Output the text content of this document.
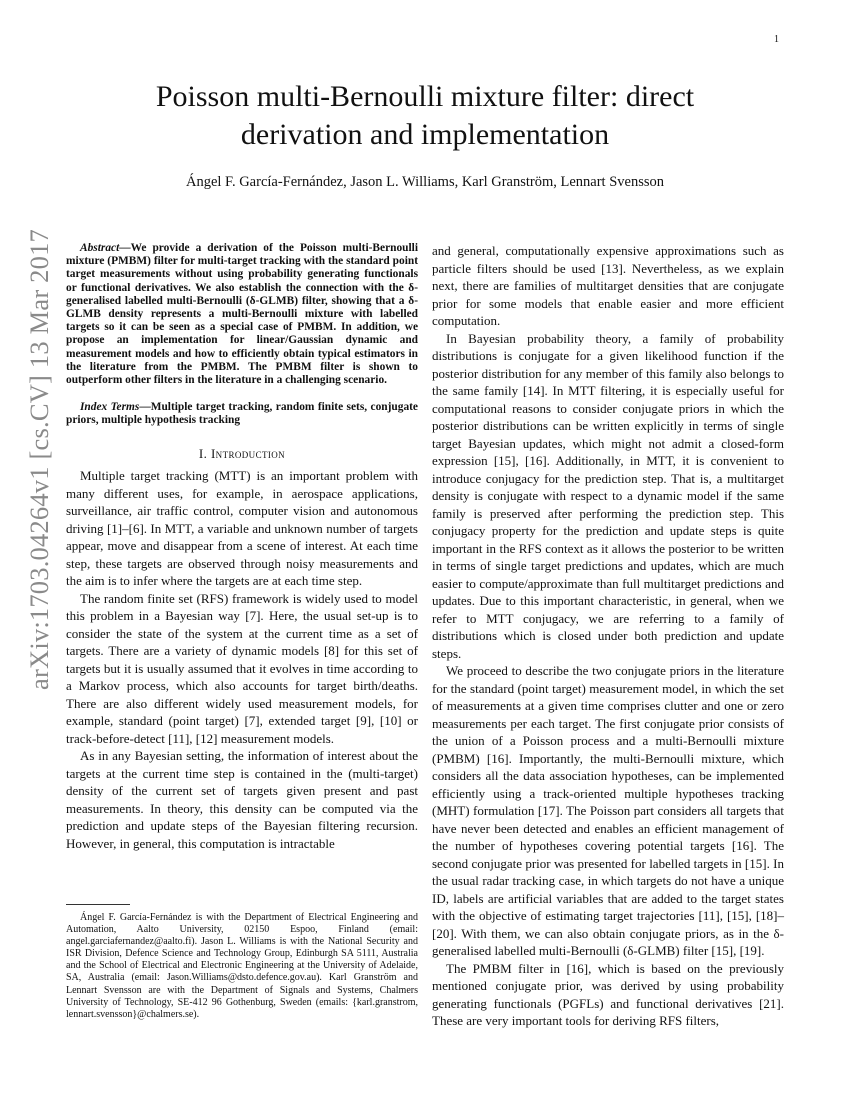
1
arXiv:1703.04264v1 [cs.CV] 13 Mar 2017
Poisson multi-Bernoulli mixture filter: direct derivation and implementation
Ángel F. García-Fernández, Jason L. Williams, Karl Granström, Lennart Svensson

Abstract—We provide a derivation of the Poisson multi-Bernoulli mixture (PMBM) filter for multi-target tracking with the standard point target measurements without using probability generating functionals or functional derivatives. We also establish the connection with the δ-generalised labelled multi-Bernoulli (δ-GLMB) filter, showing that a δ-GLMB density represents a multi-Bernoulli mixture with labelled targets so it can be seen as a special case of PMBM. In addition, we propose an implementation for linear/Gaussian dynamic and measurement models and how to efficiently obtain typical estimators in the literature from the PMBM. The PMBM filter is shown to outperform other filters in the literature in a challenging scenario.

Index Terms—Multiple target tracking, random finite sets, conjugate priors, multiple hypothesis tracking

I. Introduction

Multiple target tracking (MTT) is an important problem with many different uses, for example, in aerospace applications, surveillance, air traffic control, computer vision and autonomous driving [1]–[6]. In MTT, a variable and unknown number of targets appear, move and disappear from a scene of interest. At each time step, these targets are observed through noisy measurements and the aim is to infer where the targets are at each time step.

The random finite set (RFS) framework is widely used to model this problem in a Bayesian way [7]. Here, the usual set-up is to consider the state of the system at the current time as a set of targets. There are a variety of dynamic models [8] for this set of targets but it is usually assumed that it evolves in time according to a Markov process, which also accounts for target birth/deaths. There are also different widely used measurement models, for example, standard (point target) [7], extended target [9], [10] or track-before-detect [11], [12] measurement models.

As in any Bayesian setting, the information of interest about the targets at the current time step is contained in the (multi-target) density of the current set of targets given present and past measurements. In theory, this density can be computed via the prediction and update steps of the Bayesian filtering recursion. However, in general, this computation is intractable

Ángel F. García-Fernández is with the Department of Electrical Engineering and Automation, Aalto University, 02150 Espoo, Finland (email: angel.garciafernandez@aalto.fi). Jason L. Williams is with the National Security and ISR Division, Defence Science and Technology Group, Edinburgh SA 5111, Australia and the School of Electrical and Electronic Engineering at the University of Adelaide, SA, Australia (email: Jason.Williams@dsto.defence.gov.au). Karl Granström and Lennart Svensson are with the Department of Signals and Systems, Chalmers University of Technology, SE-412 96 Gothenburg, Sweden (emails: {karl.granstrom, lennart.svensson}@chalmers.se).

and general, computationally expensive approximations such as particle filters should be used [13]. Nevertheless, as we explain next, there are families of multitarget densities that are conjugate prior for some models that enable easier and more efficient computation.

In Bayesian probability theory, a family of probability distributions is conjugate for a given likelihood function if the posterior distribution for any member of this family also belongs to the same family [14]. In MTT filtering, it is especially useful for computational reasons to consider conjugate priors in which the posterior distributions can be written explicitly in terms of single target Bayesian updates, which might not admit a closed-form expression [15], [16]. Additionally, in MTT, it is convenient to introduce conjugacy for the prediction step. That is, a multitarget density is conjugate with respect to a dynamic model if the same family is preserved after performing the prediction step. This conjugacy property for the prediction and update steps is quite important in the RFS context as it allows the posterior to be written in terms of single target predictions and updates, which are much easier to compute/approximate than full multitarget predictions and updates. Due to this important characteristic, in general, when we refer to MTT conjugacy, we are referring to a family of distributions which is closed under both prediction and update steps.

We proceed to describe the two conjugate priors in the literature for the standard (point target) measurement model, in which the set of measurements at a given time comprises clutter and one or zero measurements per each target. The first conjugate prior consists of the union of a Poisson process and a multi-Bernoulli mixture (PMBM) [16]. Importantly, the multi-Bernoulli mixture, which considers all the data association hypotheses, can be implemented efficiently using a track-oriented multiple hypotheses tracking (MHT) formulation [17]. The Poisson part considers all targets that have never been detected and enables an efficient management of the number of hypotheses covering potential targets [16]. The second conjugate prior was presented for labelled targets in [15]. In the usual radar tracking case, in which targets do not have a unique ID, labels are artificial variables that are added to the target states with the objective of estimating target trajectories [11], [15], [18]–[20]. With them, we can also obtain conjugate priors, as in the δ-generalised labelled multi-Bernoulli (δ-GLMB) filter [15], [19].

The PMBM filter in [16], which is based on the previously mentioned conjugate prior, was derived by using probability generating functionals (PGFLs) and functional derivatives [21]. These are very important tools for deriving RFS filters,
